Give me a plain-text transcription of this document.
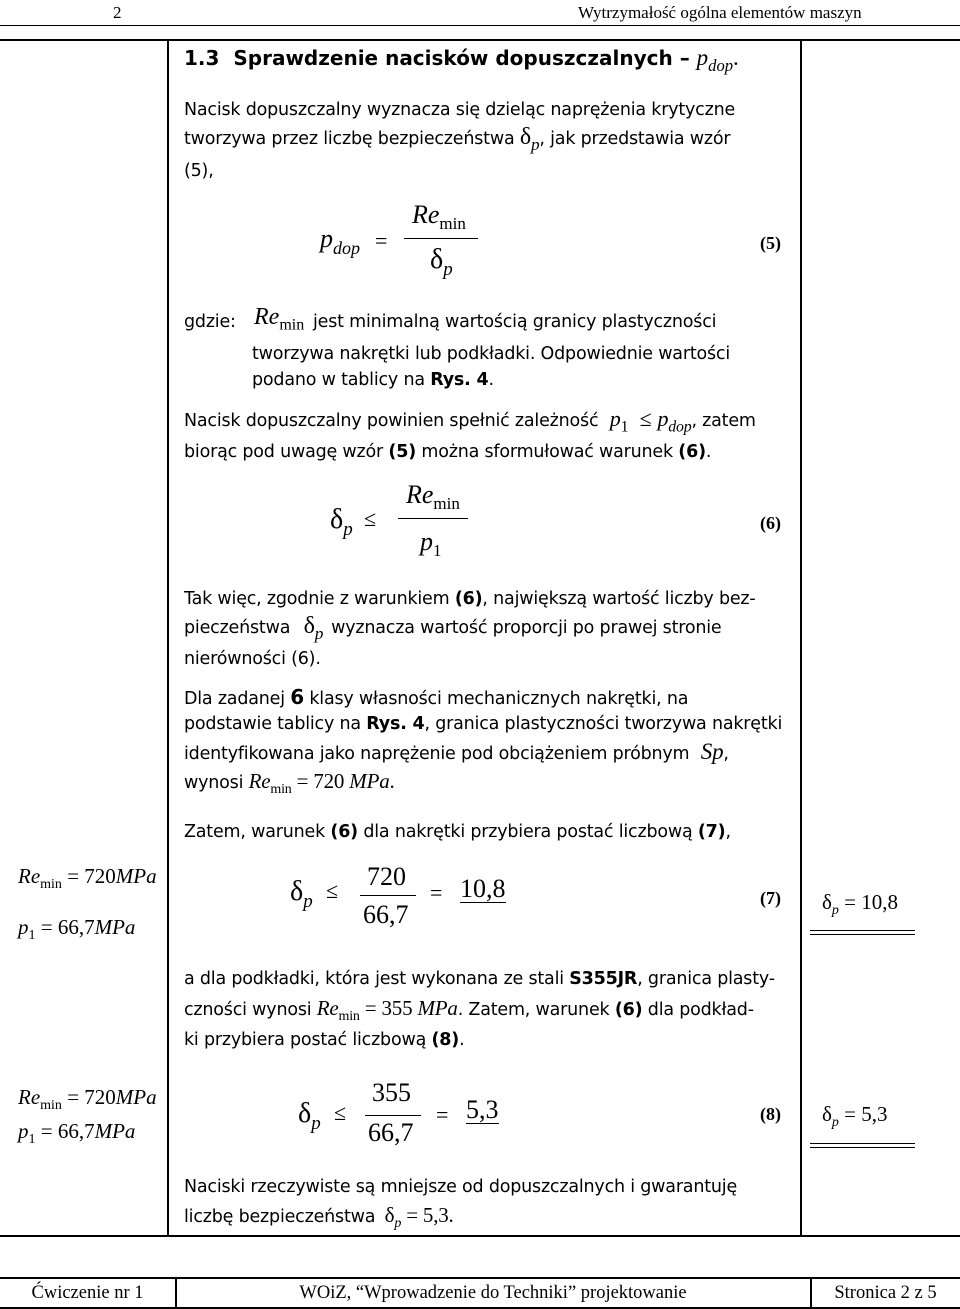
2	Wytrzymałość ogólna elementów maszyn
1.3 Sprawdzenie nacisków dopuszczalnych – $p_{dop}$.
Nacisk dopuszczalny wyznacza się dzieląc naprężenia krytyczne
tworzywa przez liczbę bezpieczeństwa $\delta_p$, jak przedstawia wzór
(5),
$p_{dop}$ =
$Re_{min}$
$\delta_p$
(5)
gdzie: $Re_{min}$ jest minimalną wartością granicy plastyczności
tworzywa nakrętki lub podkładki. Odpowiednie wartości
podano w tablicy na Rys. 4.
Nacisk dopuszczalny powinien spełnić zależność $p_1 \le p_{dop}$, zatem
biorąc pod uwagę wzór (5) można sformułować warunek (6).
$\delta_p$ ≤
$Re_{min}$
$p_1$
(6)
Tak więc, zgodnie z warunkiem (6), największą wartość liczby bez-
pieczeństwa $\delta_p$ wyznacza wartość proporcji po prawej stronie
nierówności (6).
Dla zadanej 6 klasy własności mechanicznych nakrętki, na
podstawie tablicy na Rys. 4, granica plastyczności tworzywa nakrętki
identyfikowana jako naprężenie pod obciążeniem próbnym Sp,
wynosi $Re_{min} = 720$ MPa.
Zatem, warunek (6) dla nakrętki przybiera postać liczbową (7),
$Re_{min} = 720MPa$
$p_1 = 66,7MPa$
$\delta_p \le 720$
66,7
= 10,8	(7) $\delta_p = 10,8$
a dla podkładki, która jest wykonana ze stali S355JR, granica plasty-
czności wynosi $Re_{min} = 355$ MPa. Zatem, warunek (6) dla podkład-
ki przybiera postać liczbową (8).
$Re_{min} = 720MPa$
$p_1 = 66,7MPa$
$\delta_p$ ≤
355
66,7
= 5,3	(8) $\delta_p = 5,3$
Naciski rzeczywiste są mniejsze od dopuszczalnych i gwarantuję
liczbę bezpieczeństwa $\delta_p = 5,3$.
Ćwiczenie nr 1	WOiZ, “Wprowadzenie do Techniki” projektowanie	Stronica 2 z 5
